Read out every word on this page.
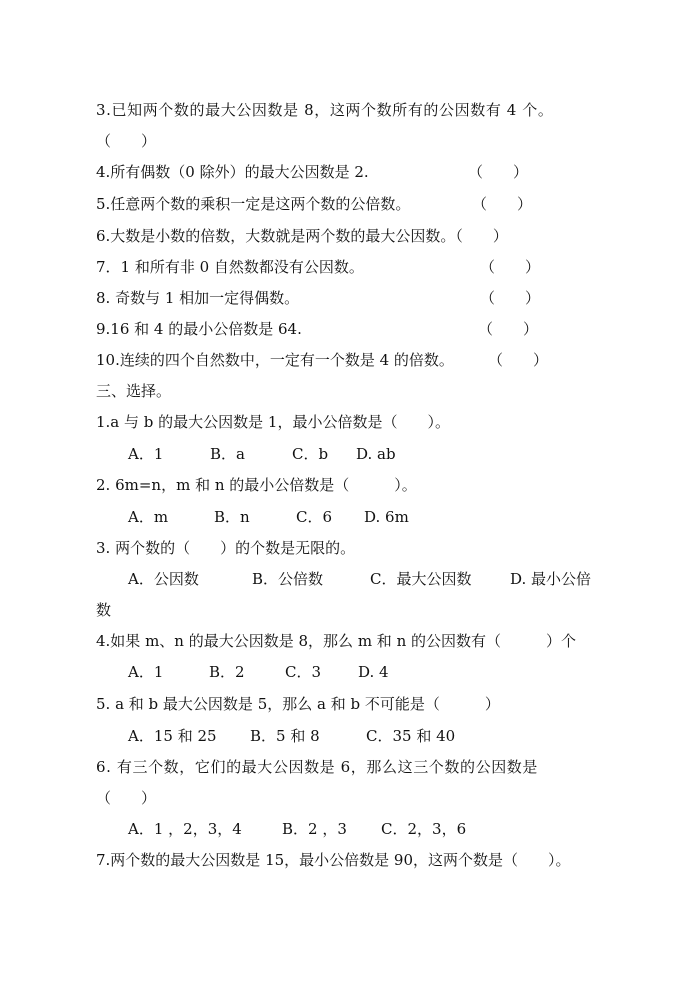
3.已知两个数的最大公因数是 8，这两个数所有的公因数有 4 个。
（　　）
4.所有偶数（0 除外）的最大公因数是 2.	（　　）
5.任意两个数的乘积一定是这两个数的公倍数。	（　　）
6.大数是小数的倍数，大数就是两个数的最大公因数。（　　）
7．1 和所有非 0 自然数都没有公因数。	（　　）
8. 奇数与 1 相加一定得偶数。	（　　）
9.16 和 4 的最小公倍数是 64.	（　　）
10.连续的四个自然数中，一定有一个数是 4 的倍数。 （　　）
三、选择。
1.a 与 b 的最大公因数是 1，最小公倍数是（　　）。
A．1	B．a	C．b D. ab
2. 6m=n，m 和 n 的最小公倍数是（　　　）。
A．m	B．n	C．6 D. 6m
3. 两个数的（　　）的个数是无限的。
A．公因数	B．公倍数	C．最大公因数	D. 最小公倍
数
4.如果 m、n 的最大公因数是 8，那么 m 和 n 的公因数有（　　　）个
A．1	B．2	C．3 D. 4
5. a 和 b 最大公因数是 5，那么 a 和 b 不可能是（　　　）
A．15 和 25 B．5 和 8	C．35 和 40
6. 有三个数，它们的最大公因数是 6，那么这三个数的公因数是
（　　）
A．1 ，2，3，4	B．2 ，3 C．2，3，6
7.两个数的最大公因数是 15，最小公倍数是 90，这两个数是（　　）。
